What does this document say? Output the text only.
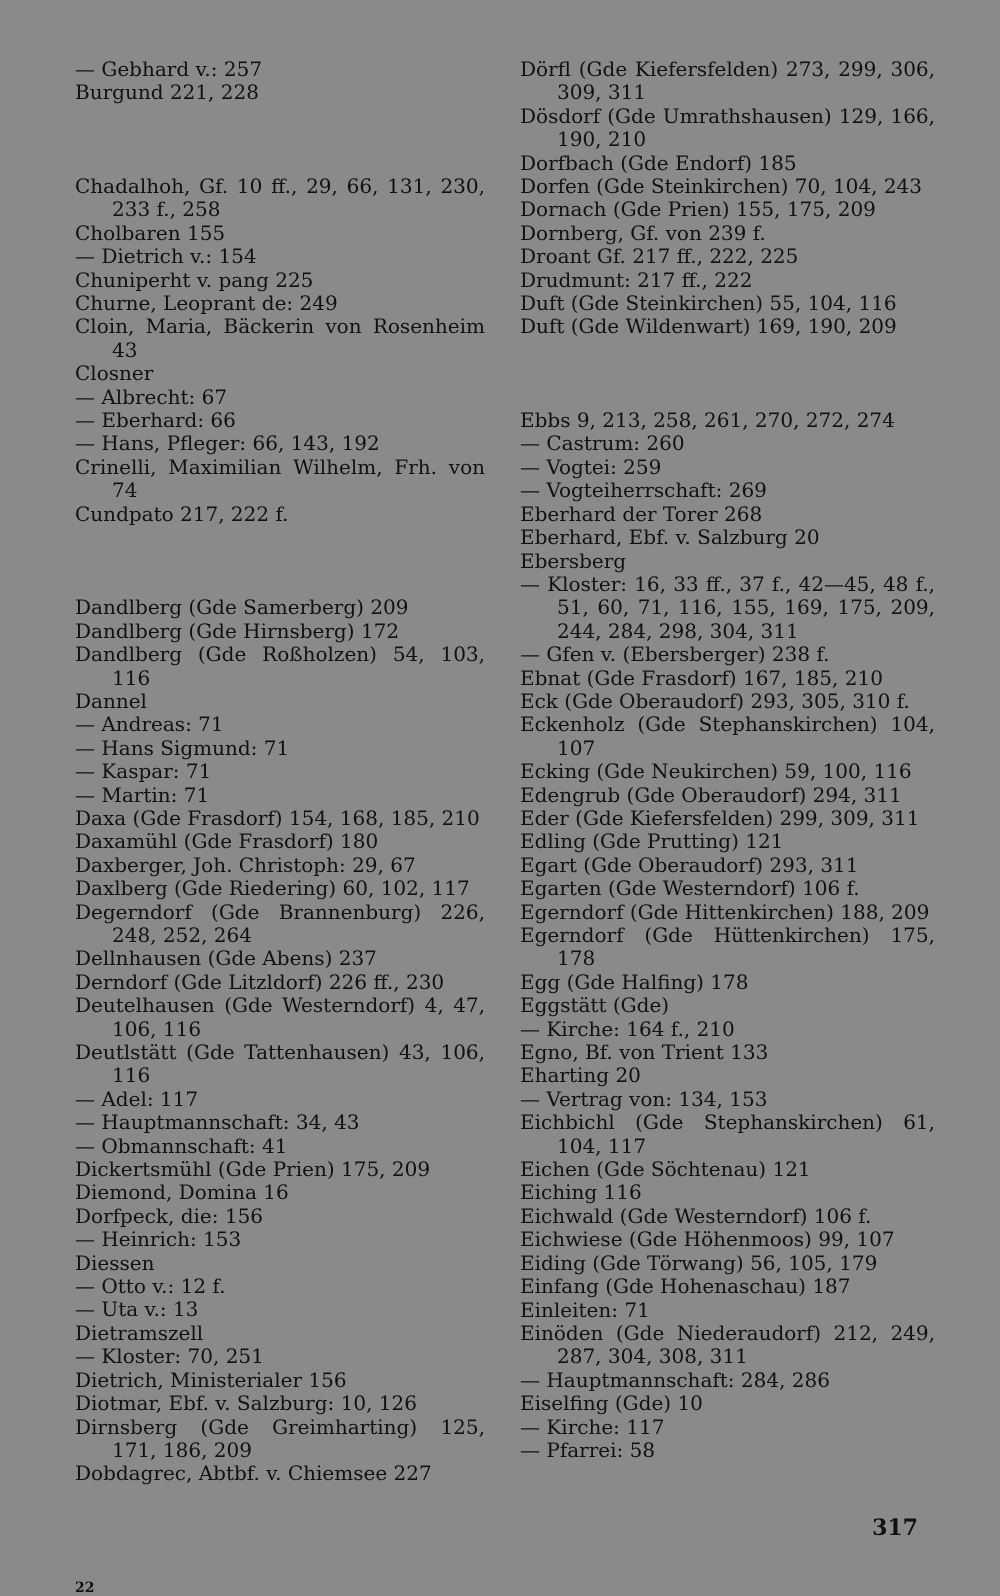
— Gebhard v.: 257
Burgund 221, 228
Chadalhoh, Gf. 10 ff., 29, 66, 131, 230, 233 f., 258
Cholbaren 155
— Dietrich v.: 154
Chuniperht v. pang 225
Churne, Leoprant de: 249
Cloin, Maria, Bäckerin von Rosenheim 43
Closner
— Albrecht: 67
— Eberhard: 66
— Hans, Pfleger: 66, 143, 192
Crinelli, Maximilian Wilhelm, Frh. von 74
Cundpato 217, 222 f.
Dandlberg (Gde Samerberg) 209
Dandlberg (Gde Hirnsberg) 172
Dandlberg (Gde Roßholzen) 54, 103, 116
Dannel
— Andreas: 71
— Hans Sigmund: 71
— Kaspar: 71
— Martin: 71
Daxa (Gde Frasdorf) 154, 168, 185, 210
Daxamühl (Gde Frasdorf) 180
Daxberger, Joh. Christoph: 29, 67
Daxlberg (Gde Riedering) 60, 102, 117
Degerndorf (Gde Brannenburg) 226, 248, 252, 264
Dellnhausen (Gde Abens) 237
Derndorf (Gde Litzldorf) 226 ff., 230
Deutelhausen (Gde Westerndorf) 4, 47, 106, 116
Deutlstätt (Gde Tattenhausen) 43, 106, 116
— Adel: 117
— Hauptmannschaft: 34, 43
— Obmannschaft: 41
Dickertsmühl (Gde Prien) 175, 209
Diemond, Domina 16
Dorfpeck, die: 156
— Heinrich: 153
Diessen
— Otto v.: 12 f.
— Uta v.: 13
Dietramszell
— Kloster: 70, 251
Dietrich, Ministerialer 156
Diotmar, Ebf. v. Salzburg: 10, 126
Dirnsberg (Gde Greimharting) 125, 171, 186, 209
Dobdagrec, Abtbf. v. Chiemsee 227
Dörfl (Gde Kiefersfelden) 273, 299, 306, 309, 311
Dösdorf (Gde Umrathshausen) 129, 166, 190, 210
Dorfbach (Gde Endorf) 185
Dorfen (Gde Steinkirchen) 70, 104, 243
Dornach (Gde Prien) 155, 175, 209
Dornberg, Gf. von 239 f.
Droant Gf. 217 ff., 222, 225
Drudmunt: 217 ff., 222
Duft (Gde Steinkirchen) 55, 104, 116
Duft (Gde Wildenwart) 169, 190, 209
Ebbs 9, 213, 258, 261, 270, 272, 274
— Castrum: 260
— Vogtei: 259
— Vogteiherrschaft: 269
Eberhard der Torer 268
Eberhard, Ebf. v. Salzburg 20
Ebersberg
— Kloster: 16, 33 ff., 37 f., 42—45, 48 f., 51, 60, 71, 116, 155, 169, 175, 209, 244, 284, 298, 304, 311
— Gfen v. (Ebersberger) 238 f.
Ebnat (Gde Frasdorf) 167, 185, 210
Eck (Gde Oberaudorf) 293, 305, 310 f.
Eckenholz (Gde Stephanskirchen) 104, 107
Ecking (Gde Neukirchen) 59, 100, 116
Edengrub (Gde Oberaudorf) 294, 311
Eder (Gde Kiefersfelden) 299, 309, 311
Edling (Gde Prutting) 121
Egart (Gde Oberaudorf) 293, 311
Egarten (Gde Westerndorf) 106 f.
Egerndorf (Gde Hittenkirchen) 188, 209
Egerndorf (Gde Hüttenkirchen) 175, 178
Egg (Gde Halfing) 178
Eggstätt (Gde)
— Kirche: 164 f., 210
Egno, Bf. von Trient 133
Eharting 20
— Vertrag von: 134, 153
Eichbichl (Gde Stephanskirchen) 61, 104, 117
Eichen (Gde Söchtenau) 121
Eiching 116
Eichwald (Gde Westerndorf) 106 f.
Eichwiese (Gde Höhenmoos) 99, 107
Eiding (Gde Törwang) 56, 105, 179
Einfang (Gde Hohenaschau) 187
Einleiten: 71
Einöden (Gde Niederaudorf) 212, 249, 287, 304, 308, 311
— Hauptmannschaft: 284, 286
Eiselfing (Gde) 10
— Kirche: 117
— Pfarrei: 58
317
22
